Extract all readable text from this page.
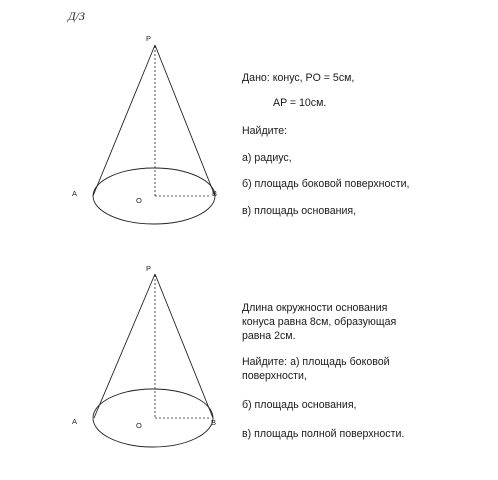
Д/З
P
A
O
B
P
A	O	B
Дано: конус, PO = 5см,
AP = 10см.
Найдите:
а) радиус,
б) площадь боковой поверхности,
в) площадь основания,
Длина окружности основания
конуса равна 8см, образующая
равна 2см.
Найдите: а) площадь боковой
поверхности,
б) площадь основания,
в) площадь полной поверхности.
